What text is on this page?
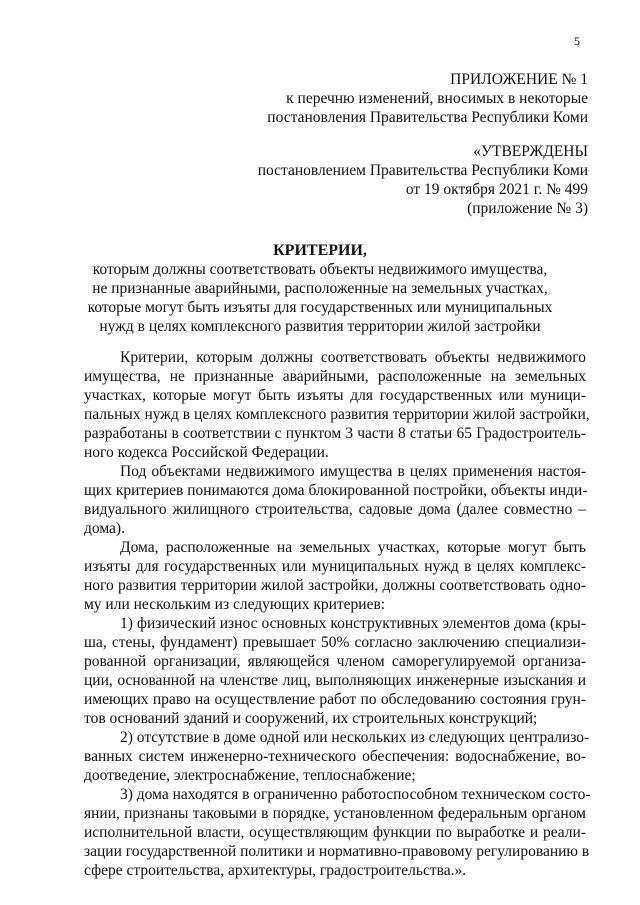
5
ПРИЛОЖЕНИЕ № 1
к перечню изменений, вносимых в некоторые
постановления Правительства Республики Коми
«УТВЕРЖДЕНЫ
постановлением Правительства Республики Коми
от 19 октября 2021 г. № 499
(приложение № 3)
КРИТЕРИИ,
которым должны соответствовать объекты недвижимого имущества,
не признанные аварийными, расположенные на земельных участках,
которые могут быть изъяты для государственных или муниципальных
нужд в целях комплексного развития территории жилой застройки
Критерии, которым должны соответствовать объекты недвижимого
имущества, не признанные аварийными, расположенные на земельных
участках, которые могут быть изъяты для государственных или муници-
пальных нужд в целях комплексного развития территории жилой застройки,
разработаны в соответствии с пунктом 3 части 8 статьи 65 Градостроитель-
ного кодекса Российской Федерации.
Под объектами недвижимого имущества в целях применения настоя-
щих критериев понимаются дома блокированной постройки, объекты инди-
видуального жилищного строительства, садовые дома (далее совместно –
дома).
Дома, расположенные на земельных участках, которые могут быть
изъяты для государственных или муниципальных нужд в целях комплекс-
ного развития территории жилой застройки, должны соответствовать одно-
му или нескольким из следующих критериев:
1) физический износ основных конструктивных элементов дома (кры-
ша, стены, фундамент) превышает 50% согласно заключению специализи-
рованной организации, являющейся членом саморегулируемой организа-
ции, основанной на членстве лиц, выполняющих инженерные изыскания и
имеющих право на осуществление работ по обследованию состояния грун-
тов оснований зданий и сооружений, их строительных конструкций;
2) отсутствие в доме одной или нескольких из следующих централизо-
ванных систем инженерно-технического обеспечения: водоснабжение, во-
доотведение, электроснабжение, теплоснабжение;
3) дома находятся в ограниченно работоспособном техническом состо-
янии, признаны таковыми в порядке, установленном федеральным органом
исполнительной власти, осуществляющим функции по выработке и реали-
зации государственной политики и нормативно-правовому регулированию в
сфере строительства, архитектуры, градостроительства.».
